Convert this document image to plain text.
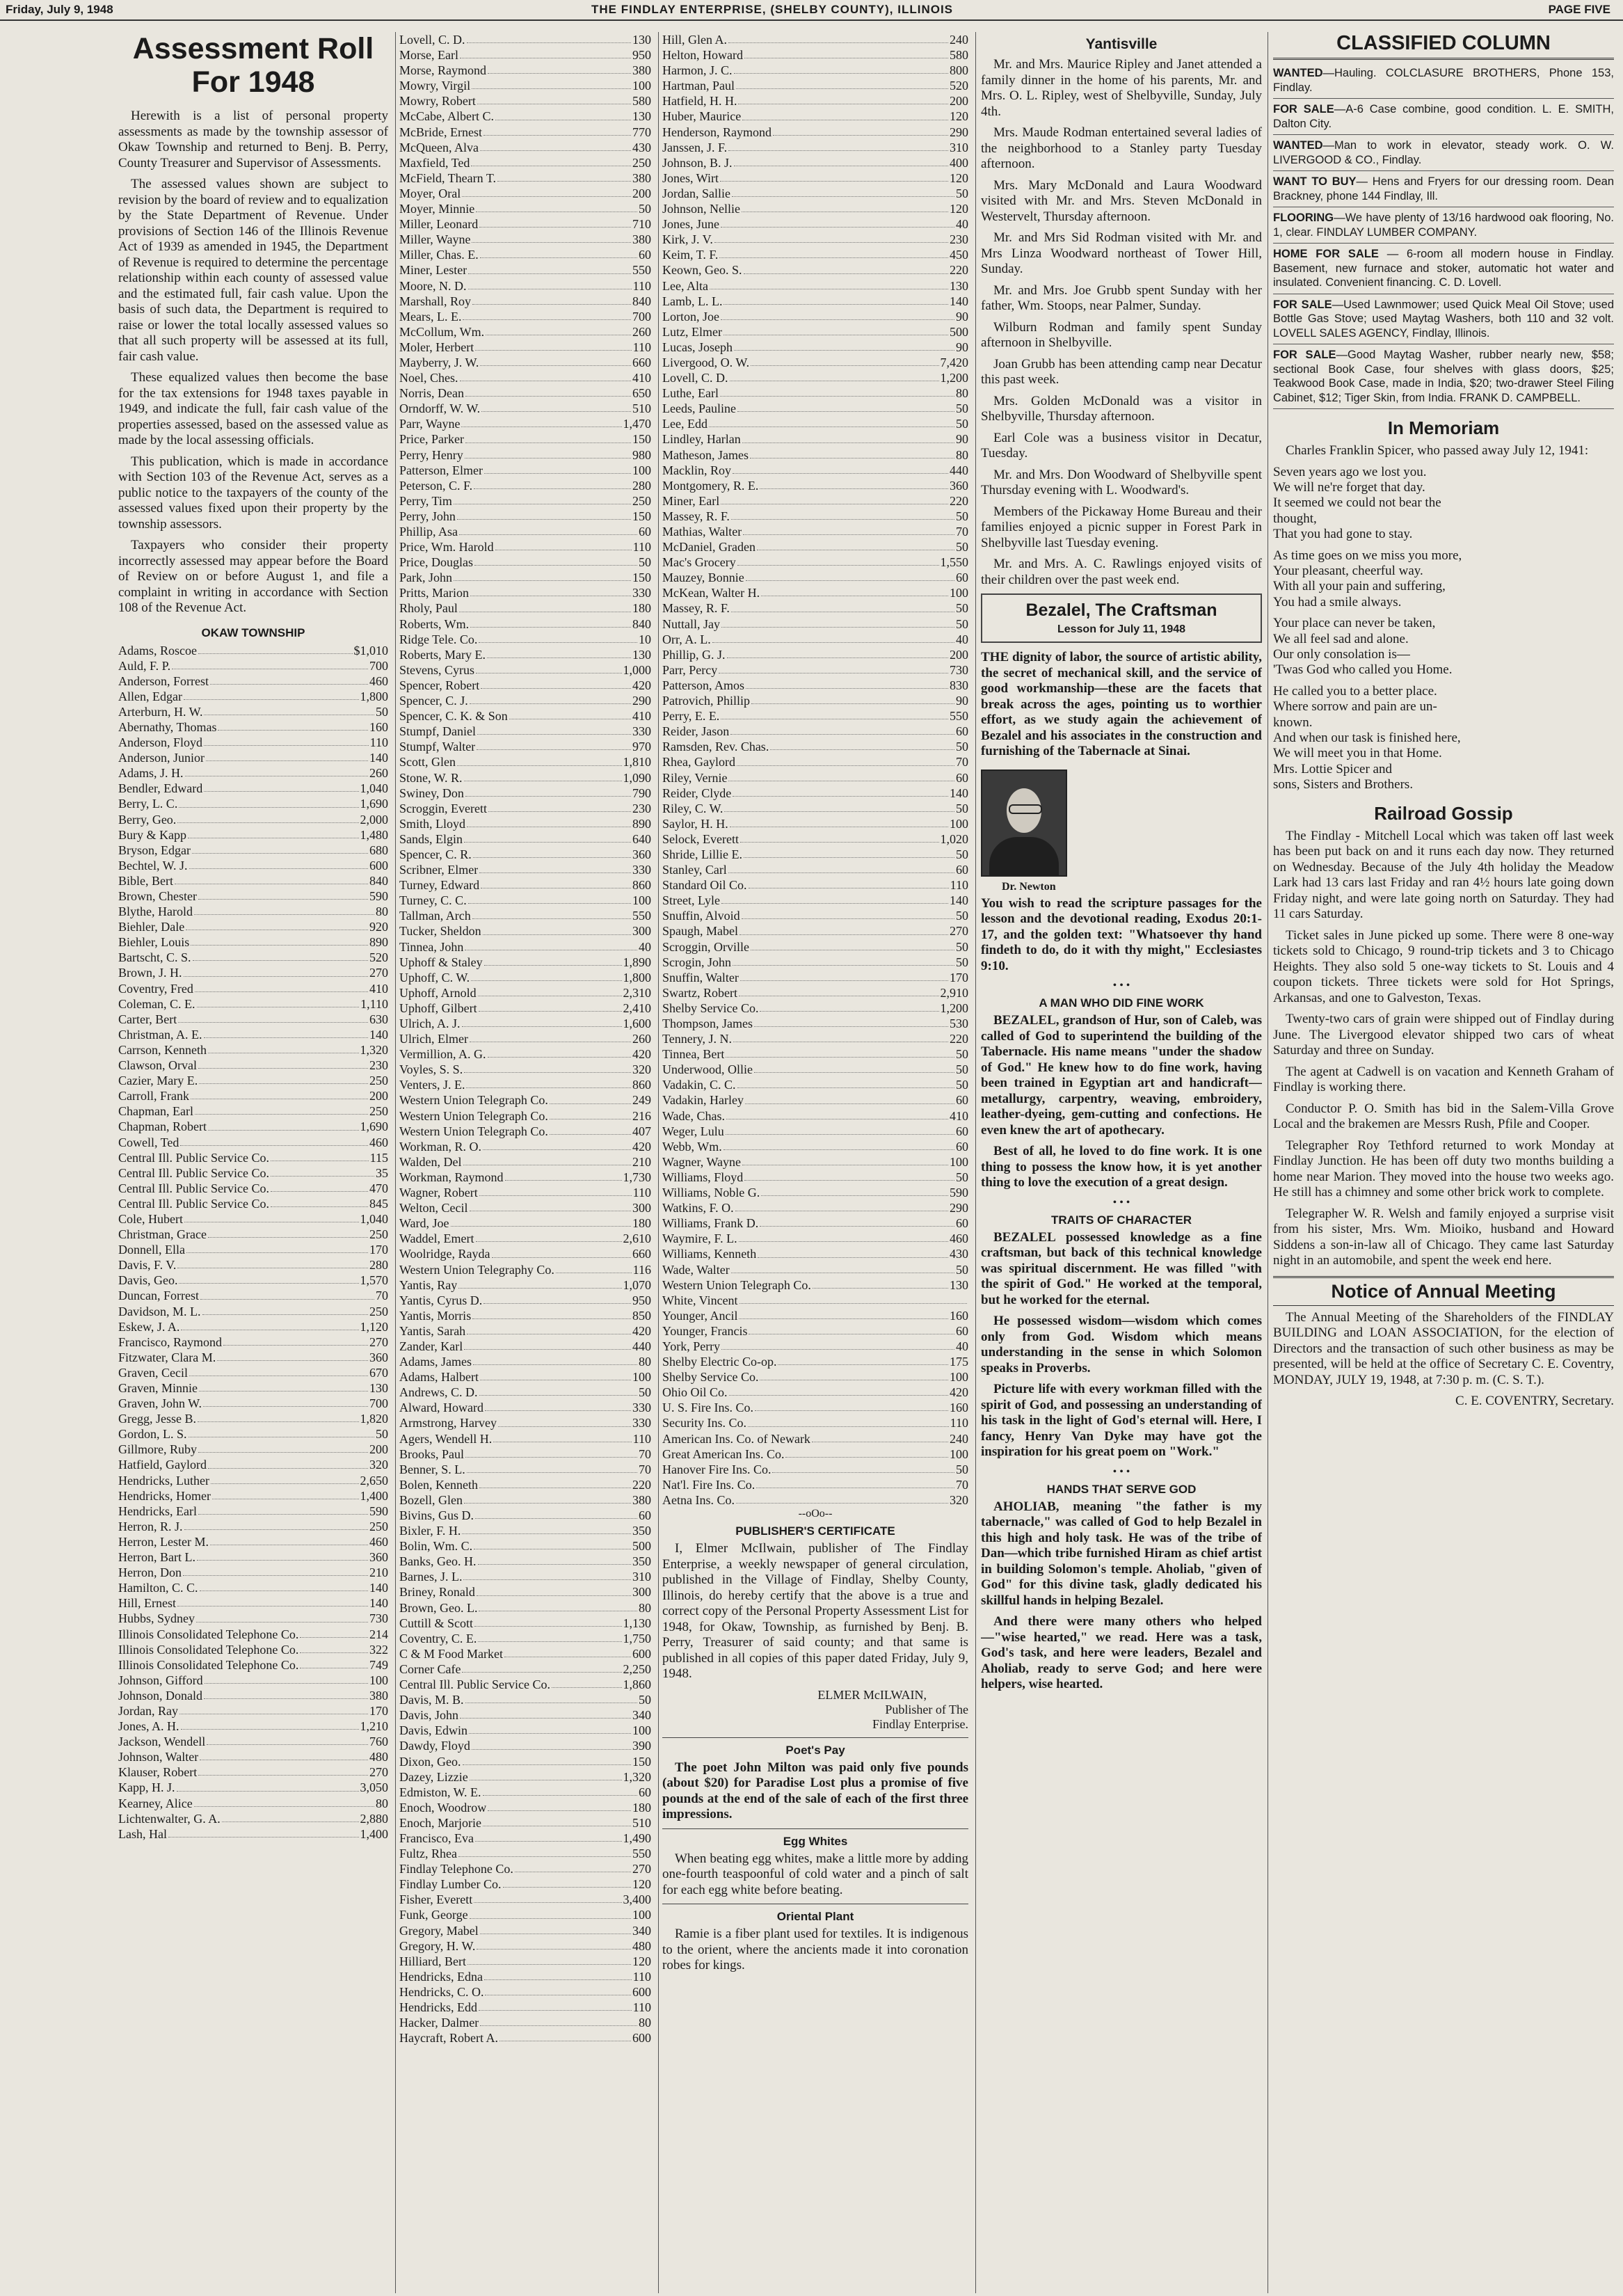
Friday, July 9, 1948	THE FINDLAY ENTERPRISE, (SHELBY COUNTY), ILLINOIS	PAGE FIVE
Assessment Roll
For 1948

Herewith is a list of personal property assessments as made by the township assessor of Okaw Township and returned to Benj. B. Perry, County Treasurer and Supervisor of Assessments.

The assessed values shown are subject to revision by the board of review and to equalization by the State Department of Revenue. Under provisions of Section 146 of the Illinois Revenue Act of 1939 as amended in 1945, the Department of Revenue is required to determine the percentage relationship within each county of assessed value and the estimated full, fair cash value. Upon the basis of such data, the Department is required to raise or lower the total locally assessed values so that all such property will be assessed at its full, fair cash value.

These equalized values then become the base for the tax extensions for 1948 taxes payable in 1949, and indicate the full, fair cash value of the properties assessed, based on the assessed value as made by the local assessing officials.

This publication, which is made in accordance with Section 103 of the Revenue Act, serves as a public notice to the taxpayers of the county of the assessed values fixed upon their property by the township assessors.

Taxpayers who consider their property incorrectly assessed may appear before the Board of Review on or before August 1, and file a complaint in writing in accordance with Section 108 of the Revenue Act.

OKAW TOWNSHIP
Adams, Roscoe	$1,010
Auld, F. P.	700
Anderson, Forrest	460
Allen, Edgar	1,800
Arterburn, H. W.	50
Abernathy, Thomas	160
Anderson, Floyd	110
Anderson, Junior	140
Adams, J. H.	260
Bendler, Edward	1,040
Berry, L. C.	1,690
Berry, Geo.	2,000
Bury & Kapp	1,480
Bryson, Edgar	680
Bechtel, W. J.	600
Bible, Bert	840
Brown, Chester	590
Blythe, Harold	80
Biehler, Dale	920
Biehler, Louis	890
Bartscht, C. S.	520
Brown, J. H.	270
Coventry, Fred	410
Coleman, C. E.	1,110
Carter, Bert	630
Christman, A. E.	140
Carrson, Kenneth	1,320
Clawson, Orval	230
Cazier, Mary E.	250
Carroll, Frank	200
Chapman, Earl	250
Chapman, Robert	1,690
Cowell, Ted	460
Central Ill. Public Service Co.	115
Central Ill. Public Service Co.	35
Central Ill. Public Service Co.	470
Central Ill. Public Service Co.	845
Cole, Hubert	1,040
Christman, Grace	250
Donnell, Ella	170
Davis, F. V.	280
Davis, Geo.	1,570
Duncan, Forrest	70
Davidson, M. L.	250
Eskew, J. A.	1,120
Francisco, Raymond	270
Fitzwater, Clara M.	360
Graven, Cecil	670
Graven, Minnie	130
Graven, John W.	700
Gregg, Jesse B.	1,820
Gordon, L. S.	50
Gillmore, Ruby	200
Hatfield, Gaylord	320
Hendricks, Luther	2,650
Hendricks, Homer	1,400
Hendricks, Earl	590
Herron, R. J.	250
Herron, Lester M.	460
Herron, Bart L.	360
Herron, Don	210
Hamilton, C. C.	140
Hill, Ernest	140
Hubbs, Sydney	730
Illinois Consolidated Telephone Co.	214
Illinois Consolidated Telephone Co.	322
Illinois Consolidated Telephone Co.	749
Johnson, Gifford	100
Johnson, Donald	380
Jordan, Ray	170
Jones, A. H.	1,210
Jackson, Wendell	760
Johnson, Walter	480
Klauser, Robert	270
Kapp, H. J.	3,050
Kearney, Alice	80
Lichtenwalter, G. A.	2,880
Lash, Hal	1,400
Lovell, C. D.	130
Morse, Earl	950
Morse, Raymond	380
Mowry, Virgil	100
Mowry, Robert	580
McCabe, Albert C.	130
McBride, Ernest	770
McQueen, Alva	430
Maxfield, Ted	250
McField, Thearn T.	380
Moyer, Oral	200
Moyer, Minnie	50
Miller, Leonard	710
Miller, Wayne	380
Miller, Chas. E.	60
Miner, Lester	550
Moore, N. D.	110
Marshall, Roy	840
Mears, L. E.	700
McCollum, Wm.	260
Moler, Herbert	110
Mayberry, J. W.	660
Noel, Ches.	410
Norris, Dean	650
Orndorff, W. W.	510
Parr, Wayne	1,470
Price, Parker	150
Perry, Henry	980
Patterson, Elmer	100
Peterson, C. F.	280
Perry, Tim	250
Perry, John	150
Phillip, Asa	60
Price, Wm. Harold	110
Price, Douglas	50
Park, John	150
Pritts, Marion	330
Rholy, Paul	180
Roberts, Wm.	840
Ridge Tele. Co.	10
Roberts, Mary E.	130
Stevens, Cyrus	1,000
Spencer, Robert	420
Spencer, C. J.	290
Spencer, C. K. & Son	410
Stumpf, Daniel	330
Stumpf, Walter	970
Scott, Glen	1,810
Stone, W. R.	1,090
Swiney, Don	790
Scroggin, Everett	230
Smith, Lloyd	890
Sands, Elgin	640
Spencer, C. R.	360
Scribner, Elmer	330
Turney, Edward	860
Turney, C. C.	100
Tallman, Arch	550
Tucker, Sheldon	300
Tinnea, John	40
Uphoff & Staley	1,890
Uphoff, C. W.	1,800
Uphoff, Arnold	2,310
Uphoff, Gilbert	2,410
Ulrich, A. J.	1,600
Ulrich, Elmer	260
Vermillion, A. G.	420
Voyles, S. S.	320
Venters, J. E.	860
Western Union Telegraph Co.	249
Western Union Telegraph Co.	216
Western Union Telegraph Co.	407
Workman, R. O.	420
Walden, Del	210
Workman, Raymond	1,730
Wagner, Robert	110
Welton, Cecil	300
Ward, Joe	180
Waddel, Emert	2,610
Woolridge, Rayda	660
Western Union Telegraphy Co.	116
Yantis, Ray	1,070
Yantis, Cyrus D.	950
Yantis, Morris	850
Yantis, Sarah	420
Zander, Karl	440
Adams, James	80
Adams, Halbert	100
Andrews, C. D.	50
Alward, Howard	330
Armstrong, Harvey	330
Agers, Wendell H.	110
Brooks, Paul	70
Benner, S. L.	70
Bolen, Kenneth	220
Bozell, Glen	380
Bivins, Gus D.	60
Bixler, F. H.	350
Bolin, Wm. C.	500
Banks, Geo. H.	350
Barnes, J. L.	310
Briney, Ronald	300
Brown, Geo. L.	80
Cuttill & Scott	1,130
Coventry, C. E.	1,750
C & M Food Market	600
Corner Cafe	2,250
Central Ill. Public Service Co.	1,860
Davis, M. B.	50
Davis, John	340
Davis, Edwin	100
Dawdy, Floyd	390
Dixon, Geo.	150
Dazey, Lizzie	1,320
Edmiston, W. E.	60
Enoch, Woodrow	180
Enoch, Marjorie	510
Francisco, Eva	1,490
Fultz, Rhea	550
Findlay Telephone Co.	270
Findlay Lumber Co.	120
Fisher, Everett	3,400
Funk, George	100
Gregory, Mabel	340
Gregory, H. W.	480
Hilliard, Bert	120
Hendricks, Edna	110
Hendricks, C. O.	600
Hendricks, Edd	110
Hacker, Dalmer	80
Haycraft, Robert A.	600
Hill, Glen A.	240
Helton, Howard	580
Harmon, J. C.	800
Hartman, Paul	520
Hatfield, H. H.	200
Huber, Maurice	120
Henderson, Raymond	290
Janssen, J. F.	310
Johnson, B. J.	400
Jones, Wirt	120
Jordan, Sallie	50
Johnson, Nellie	120
Jones, June	40
Kirk, J. V.	230
Keim, T. F.	450
Keown, Geo. S.	220
Lee, Alta	130
Lamb, L. L.	140
Lorton, Joe	90
Lutz, Elmer	500
Lucas, Joseph	90
Livergood, O. W.	7,420
Lovell, C. D.	1,200
Luthe, Earl	80
Leeds, Pauline	50
Lee, Edd	50
Lindley, Harlan	90
Matheson, James	80
Macklin, Roy	440
Montgomery, R. E.	360
Miner, Earl	220
Massey, R. F.	50
Mathias, Walter	70
McDaniel, Graden	50
Mac's Grocery	1,550
Mauzey, Bonnie	60
McKean, Walter H.	100
Massey, R. F.	50
Nuttall, Jay	50
Orr, A. L.	40
Phillip, G. J.	200
Parr, Percy	730
Patterson, Amos	830
Patrovich, Phillip	90
Perry, E. E.	550
Reider, Jason	60
Ramsden, Rev. Chas.	50
Rhea, Gaylord	70
Riley, Vernie	60
Reider, Clyde	140
Riley, C. W.	50
Saylor, H. H.	100
Selock, Everett	1,020
Shride, Lillie E.	50
Stanley, Carl	60
Standard Oil Co.	110
Street, Lyle	140
Snuffin, Alvoid	50
Spaugh, Mabel	270
Scroggin, Orville	50
Scrogin, John	50
Snuffin, Walter	170
Swartz, Robert	2,910
Shelby Service Co.	1,200
Thompson, James	530
Tennery, J. N.	220
Tinnea, Bert	50
Underwood, Ollie	50
Vadakin, C. C.	50
Vadakin, Harley	60
Wade, Chas.	410
Weger, Lulu	60
Webb, Wm.	60
Wagner, Wayne	100
Williams, Floyd	50
Williams, Noble G.	590
Watkins, F. O.	290
Williams, Frank D.	60
Waymire, F. L.	460
Williams, Kenneth	430
Wade, Walter	50
Western Union Telegraph Co.	130
White, Vincent
Younger, Ancil	160
Younger, Francis	60
York, Perry	40
Shelby Electric Co-op.	175
Shelby Service Co.	100
Ohio Oil Co.	420
U. S. Fire Ins. Co.	160
Security Ins. Co.	110
American Ins. Co. of Newark	240
Great American Ins. Co.	100
Hanover Fire Ins. Co.	50
Nat'l. Fire Ins. Co.	70
Aetna Ins. Co.	320
--oOo--
PUBLISHER'S CERTIFICATE

I, Elmer McIlwain, publisher of The Findlay Enterprise, a weekly newspaper of general circulation, published in the Village of Findlay, Shelby County, Illinois, do hereby certify that the above is a true and correct copy of the Personal Property Assessment List for 1948, for Okaw, Township, as furnished by Benj. B. Perry, Treasurer of said county; and that same is published in all copies of this paper dated Friday, July 9, 1948.

ELMER McILWAIN,
Publisher of The
Findlay Enterprise.
Poet's Pay

The poet John Milton was paid only five pounds (about $20) for Paradise Lost plus a promise of five pounds at the end of the sale of each of the first three impressions.

Egg Whites

When beating egg whites, make a little more by adding one-fourth teaspoonful of cold water and a pinch of salt for each egg white before beating.

Oriental Plant

Ramie is a fiber plant used for textiles. It is indigenous to the orient, where the ancients made it into coronation robes for kings.

Yantisville

Mr. and Mrs. Maurice Ripley and Janet attended a family dinner in the home of his parents, Mr. and Mrs. O. L. Ripley, west of Shelbyville, Sunday, July 4th.

Mrs. Maude Rodman entertained several ladies of the neighborhood to a Stanley party Tuesday afternoon.

Mrs. Mary McDonald and Laura Woodward visited with Mr. and Mrs. Steven McDonald in Westervelt, Thursday afternoon.

Mr. and Mrs Sid Rodman visited with Mr. and Mrs Linza Woodward northeast of Tower Hill, Sunday.

Mr. and Mrs. Joe Grubb spent Sunday with her father, Wm. Stoops, near Palmer, Sunday.

Wilburn Rodman and family spent Sunday afternoon in Shelbyville.

Joan Grubb has been attending camp near Decatur this past week.

Mrs. Golden McDonald was a visitor in Shelbyville, Thursday afternoon.

Earl Cole was a business visitor in Decatur, Tuesday.

Mr. and Mrs. Don Woodward of Shelbyville spent Thursday evening with L. Woodward's.

Members of the Pickaway Home Bureau and their families enjoyed a picnic supper in Forest Park in Shelbyville last Tuesday evening.

Mr. and Mrs. A. C. Rawlings enjoyed visits of their children over the past week end.

Bezalel, The Craftsman
Lesson for July 11, 1948

THE dignity of labor, the source of artistic ability, the secret of mechanical skill, and the service of good workmanship—these are the facets that break across the ages, pointing us to worthier effort, as we study again the achievement of Bezalel and his associates in the construction and furnishing of the Tabernacle at Sinai.

Dr. Newton

You wish to read the scripture passages for the lesson and the devotional reading, Exodus 20:1-17, and the golden text: "Whatsoever thy hand findeth to do, do it with thy might," Ecclesiastes 9:10.

• • •
A MAN WHO DID FINE WORK

BEZALEL, grandson of Hur, son of Caleb, was called of God to superintend the building of the Tabernacle. His name means "under the shadow of God." He knew how to do fine work, having been trained in Egyptian art and handicraft—metallurgy, carpentry, weaving, embroidery, leather-dyeing, gem-cutting and confections. He even knew the art of apothecary.

Best of all, he loved to do fine work. It is one thing to possess the know how, it is yet another thing to love the execution of a great design.

• • •
TRAITS OF CHARACTER

BEZALEL possessed knowledge as a fine craftsman, but back of this technical knowledge was spiritual discernment. He was filled "with the spirit of God." He worked at the temporal, but he worked for the eternal.

He possessed wisdom—wisdom which comes only from God. Wisdom which means understanding in the sense in which Solomon speaks in Proverbs.

Picture life with every workman filled with the spirit of God, and possessing an understanding of his task in the light of God's eternal will. Here, I fancy, Henry Van Dyke may have got the inspiration for his great poem on "Work."

• • •
HANDS THAT SERVE GOD

AHOLIAB, meaning "the father is my tabernacle," was called of God to help Bezalel in this high and holy task. He was of the tribe of Dan—which tribe furnished Hiram as chief artist in building Solomon's temple. Aholiab, "given of God" for this divine task, gladly dedicated his skillful hands in helping Bezalel.

And there were many others who helped—"wise hearted," we read. Here was a task, God's task, and here were leaders, Bezalel and Aholiab, ready to serve God; and here were helpers, wise hearted.

CLASSIFIED COLUMN

WANTED—Hauling. COLCLASURE BROTHERS, Phone 153, Findlay.

FOR SALE—A-6 Case combine, good condition. L. E. SMITH, Dalton City.

WANTED—Man to work in elevator, steady work. O. W. LIVERGOOD & CO., Findlay.

WANT TO BUY— Hens and Fryers for our dressing room. Dean Brackney, phone 144 Findlay, Ill.

FLOORING—We have plenty of 13/16 hardwood oak flooring, No. 1, clear. FINDLAY LUMBER COMPANY.

HOME FOR SALE — 6-room all modern house in Findlay. Basement, new furnace and stoker, automatic hot water and insulated. Convenient financing. C. D. Lovell.

FOR SALE—Used Lawnmower; used Quick Meal Oil Stove; used Bottle Gas Stove; used Maytag Washers, both 110 and 32 volt. LOVELL SALES AGENCY, Findlay, Illinois.

FOR SALE—Good Maytag Washer, rubber nearly new, $58; sectional Book Case, four shelves with glass doors, $25; Teakwood Book Case, made in India, $20; two-drawer Steel Filing Cabinet, $12; Tiger Skin, from India. FRANK D. CAMPBELL.

In Memoriam

Charles Franklin Spicer, who passed away July 12, 1941:

Seven years ago we lost you.
We will ne're forget that day.
It seemed we could not bear the
thought,
That you had gone to stay.

As time goes on we miss you more,
Your pleasant, cheerful way.
With all your pain and suffering,
You had a smile always.

Your place can never be taken,
We all feel sad and alone.
Our only consolation is—
'Twas God who called you Home.

He called you to a better place.
Where sorrow and pain are un-
known.
And when our task is finished here,
We will meet you in that Home.
Mrs. Lottie Spicer and
sons, Sisters and Brothers.
Railroad Gossip

The Findlay - Mitchell Local which was taken off last week has been put back on and it runs each day now. They returned on Wednesday. Because of the July 4th holiday the Meadow Lark had 13 cars last Friday and ran 4½ hours late going down Friday night, and were late going north on Saturday. They had 11 cars Saturday.

Ticket sales in June picked up some. There were 8 one-way tickets sold to Chicago, 9 round-trip tickets and 3 to Chicago Heights. They also sold 5 one-way tickets to St. Louis and 4 coupon tickets. Three tickets were sold for Hot Springs, Arkansas, and one to Galveston, Texas.

Twenty-two cars of grain were shipped out of Findlay during June. The Livergood elevator shipped two cars of wheat Saturday and three on Sunday.

The agent at Cadwell is on vacation and Kenneth Graham of Findlay is working there.

Conductor P. O. Smith has bid in the Salem-Villa Grove Local and the brakemen are Messrs Rush, Pfile and Cooper.

Telegrapher Roy Tethford returned to work Monday at Findlay Junction. He has been off duty two months building a home near Marion. They moved into the house two weeks ago. He still has a chimney and some other brick work to complete.

Telegrapher W. R. Welsh and family enjoyed a surprise visit from his sister, Mrs. Wm. Mioiko, husband and Howard Siddens a son-in-law all of Chicago. They came last Saturday night in an automobile, and spent the week end here.

Notice of Annual Meeting

The Annual Meeting of the Shareholders of the FINDLAY BUILDING and LOAN ASSOCIATION, for the election of Directors and the transaction of such other business as may be presented, will be held at the office of Secretary C. E. Coventry, MONDAY, JULY 19, 1948, at 7:30 p. m. (C. S. T.).

C. E. COVENTRY, Secretary.
